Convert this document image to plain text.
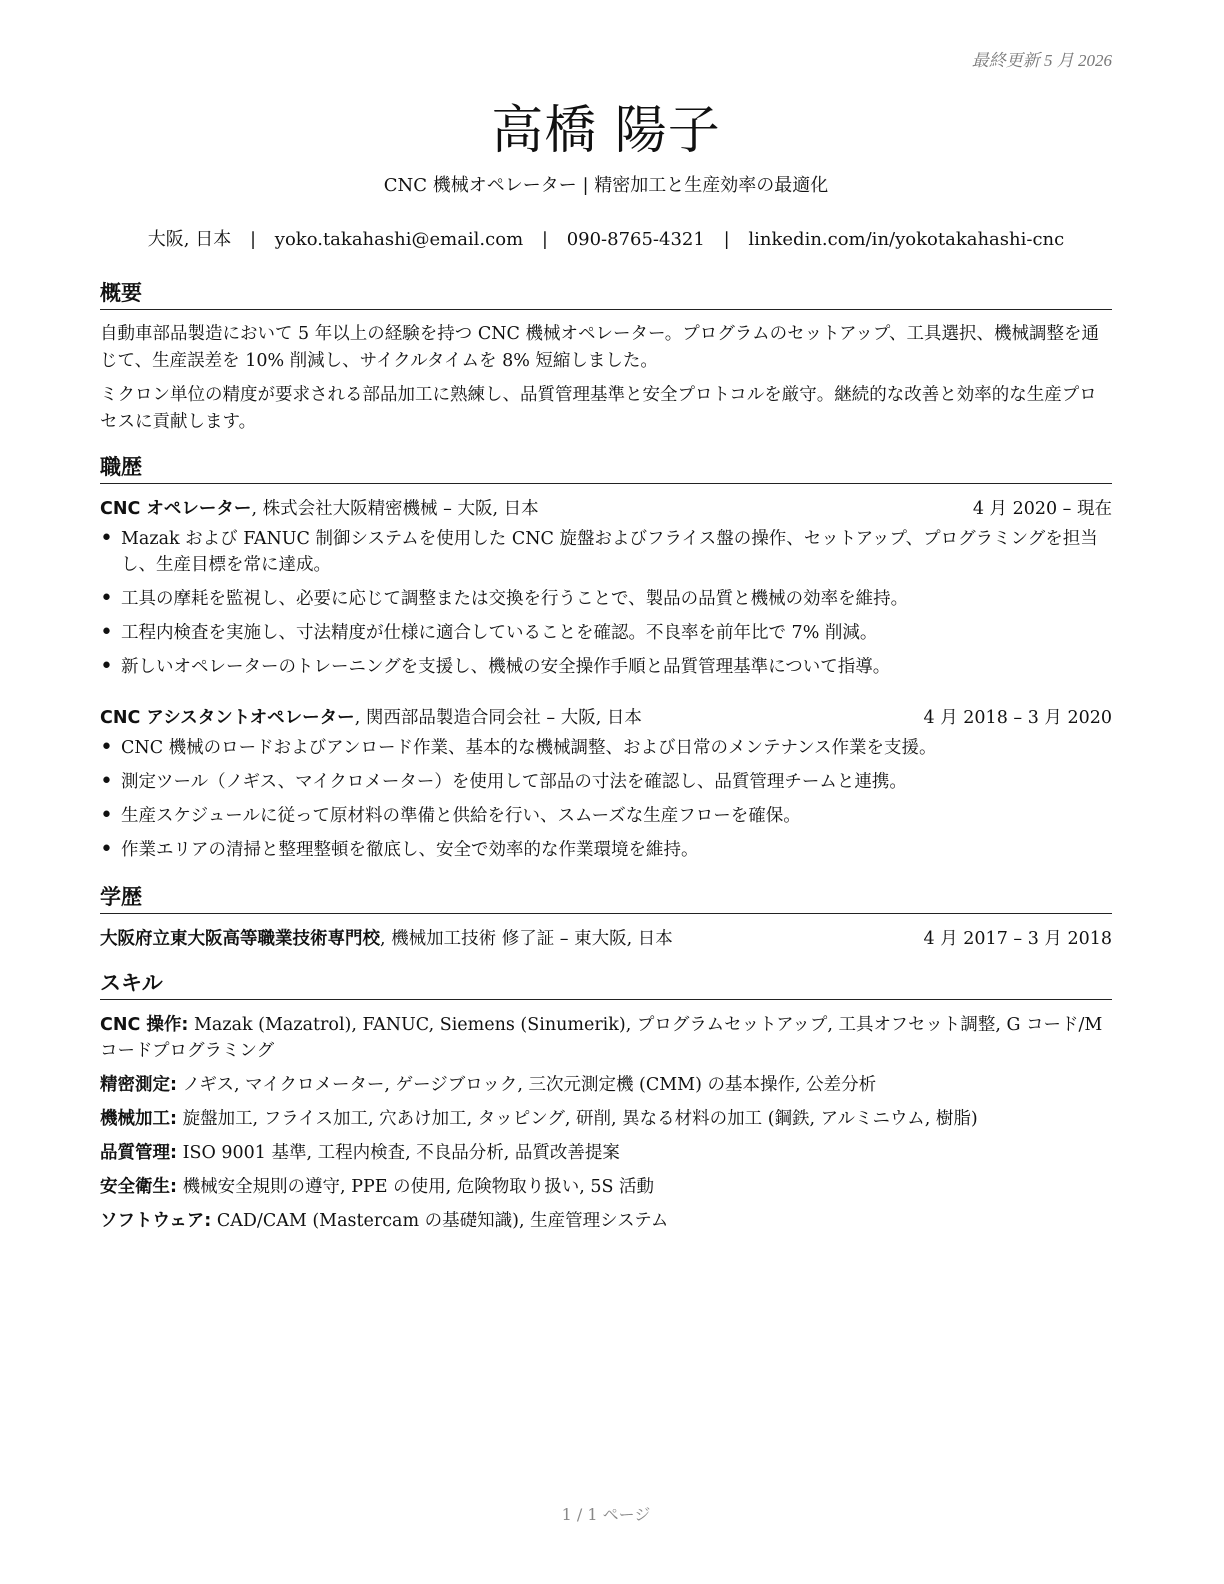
最終更新 5 月 2026
高橋 陽子
CNC 機械オペレーター | 精密加工と生産効率の最適化
大阪, 日本 | yoko.takahashi@email.com | 090-8765-4321 | linkedin.com/in/yokotakahashi-cnc
概要

自動車部品製造において 5 年以上の経験を持つ CNC 機械オペレーター。プログラムのセットアップ、工具選択、機械調整を通じて、生産誤差を 10% 削減し、サイクルタイムを 8% 短縮しました。

ミクロン単位の精度が要求される部品加工に熟練し、品質管理基準と安全プロトコルを厳守。継続的な改善と効率的な生産プロセスに貢献します。

職歴
CNC オペレーター, 株式会社大阪精密機械 – 大阪, 日本	4 月 2020 – 現在
• Mazak および FANUC 制御システムを使用した CNC 旋盤およびフライス盤の操作、セットアップ、プログラミングを担当し、生産目標を常に達成。
• 工具の摩耗を監視し、必要に応じて調整または交換を行うことで、製品の品質と機械の効率を維持。
• 工程内検査を実施し、寸法精度が仕様に適合していることを確認。不良率を前年比で 7% 削減。
• 新しいオペレーターのトレーニングを支援し、機械の安全操作手順と品質管理基準について指導。
CNC アシスタントオペレーター, 関西部品製造合同会社 – 大阪, 日本	4 月 2018 – 3 月 2020
• CNC 機械のロードおよびアンロード作業、基本的な機械調整、および日常のメンテナンス作業を支援。
• 測定ツール（ノギス、マイクロメーター）を使用して部品の寸法を確認し、品質管理チームと連携。
• 生産スケジュールに従って原材料の準備と供給を行い、スムーズな生産フローを確保。
• 作業エリアの清掃と整理整頓を徹底し、安全で効率的な作業環境を維持。
学歴
大阪府立東大阪高等職業技術専門校, 機械加工技術 修了証 – 東大阪, 日本	4 月 2017 – 3 月 2018
スキル
CNC 操作: Mazak (Mazatrol), FANUC, Siemens (Sinumerik), プログラムセットアップ, 工具オフセット調整, G コード/M コードプログラミング
精密測定: ノギス, マイクロメーター, ゲージブロック, 三次元測定機 (CMM) の基本操作, 公差分析
機械加工: 旋盤加工, フライス加工, 穴あけ加工, タッピング, 研削, 異なる材料の加工 (鋼鉄, アルミニウム, 樹脂)
品質管理: ISO 9001 基準, 工程内検査, 不良品分析, 品質改善提案
安全衛生: 機械安全規則の遵守, PPE の使用, 危険物取り扱い, 5S 活動
ソフトウェア: CAD/CAM (Mastercam の基礎知識), 生産管理システム
1 / 1 ページ
